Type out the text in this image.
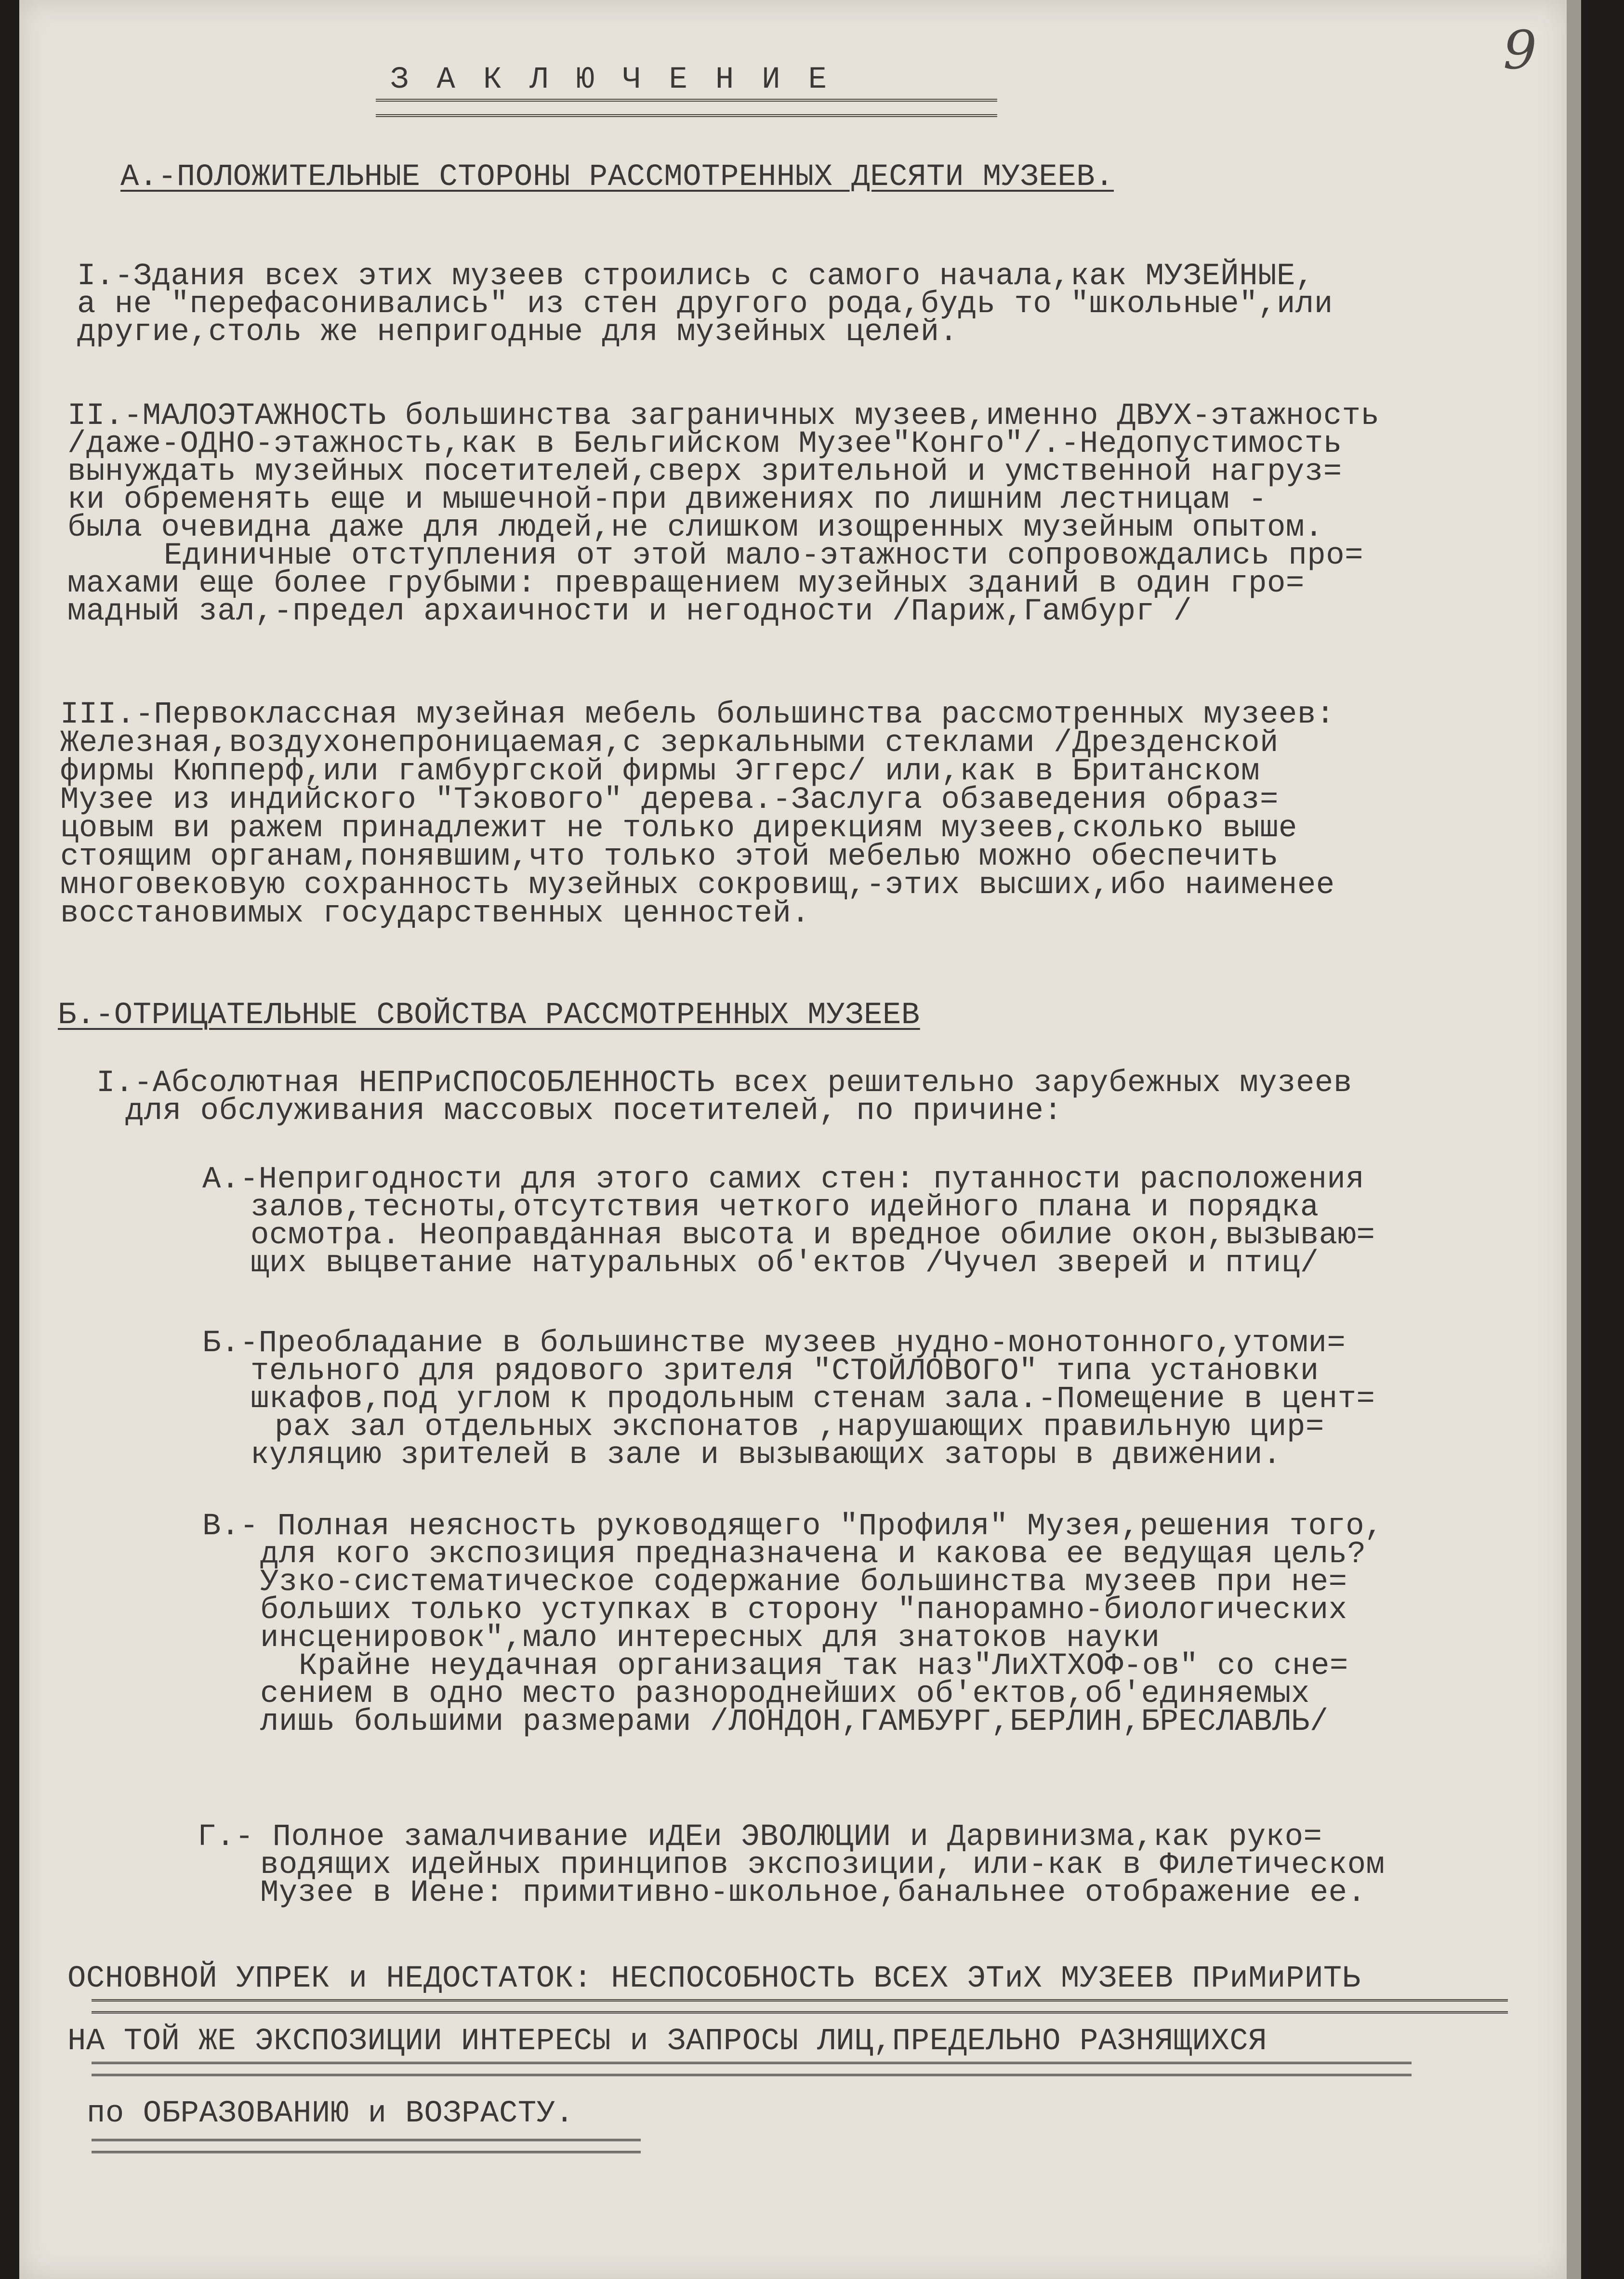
9
ЗАКЛЮЧЕНИЕ
А.-ПОЛОЖИТЕЛЬНЫЕ СТОРОНЫ РАССМОТРЕННЫХ ДЕСЯТИ МУЗЕЕВ.
I.-Здания всех этих музеев строились с самого начала,как МУЗЕЙНЫЕ,
а не "перефасонивались" из стен другого рода,будь то "школьные",или
другие,столь же непригодные для музейных целей.
II.-МАЛОЭТАЖНОСТЬ большинства заграничных музеев,именно ДВУХ-этажность
/даже-ОДНО-этажность,как в Бельгийском Музее"Конго"/.-Недопустимость
вынуждать музейных посетителей,сверх зрительной и умственной нагруз=
ки обременять еще и мышечной-при движениях по лишним лестницам -
была очевидна даже для людей,не слишком изощренных музейным опытом.
Единичные отступления от этой мало-этажности сопровождались про=
махами еще более грубыми: превращением музейных зданий в один гро=
мадный зал,-предел архаичности и негодности /Париж,Гамбург /
III.-Первоклассная музейная мебель большинства рассмотренных музеев:
Железная,воздухонепроницаемая,с зеркальными стеклами /Дрезденской
фирмы Кюпперф,или гамбургской фирмы Эггерс/ или,как в Британском
Музее из индийского "Тэкового" дерева.-Заслуга обзаведения образ=
цовым ви ражем принадлежит не только дирекциям музеев,сколько выше
стоящим органам,понявшим,что только этой мебелью можно обеспечить
многовековую сохранность музейных сокровищ,-этих высших,ибо наименее
восстановимых государственных ценностей.
Б.-ОТРИЦАТЕЛЬНЫЕ СВОЙСТВА РАССМОТРЕННЫХ МУЗЕЕВ
I.-Абсолютная НЕПРиСПОСОБЛЕННОСТЬ всех решительно зарубежных музеев
для обслуживания массовых посетителей, по причине:
А.-Непригодности для этого самих стен: путанности расположения
залов,тесноты,отсутствия четкого идейного плана и порядка
осмотра. Неоправданная высота и вредное обилие окон,вызываю=
щих выцветание натуральных об'ектов /Чучел зверей и птиц/
Б.-Преобладание в большинстве музеев нудно-монотонного,утоми=
тельного для рядового зрителя "СТОЙЛОВОГО" типа установки
шкафов,под углом к продольным стенам зала.-Помещение в цент=
рах зал отдельных экспонатов ,нарушающих правильную цир=
куляцию зрителей в зале и вызывающих заторы в движении.
В.- Полная неясность руководящего "Профиля" Музея,решения того,
для кого экспозиция предназначена и какова ее ведущая цель?
Узко-систематическое содержание большинства музеев при не=
больших только уступках в сторону "панорамно-биологических
инсценировок",мало интересных для знатоков науки
Крайне неудачная организация так наз"ЛиХТХОФ-ов" со сне=
сением в одно место разнороднейших об'ектов,об'единяемых
лишь большими размерами /ЛОНДОН,ГАМБУРГ,БЕРЛИН,БРЕСЛАВЛЬ/
Г.- Полное замалчивание иДЕи ЭВОЛЮЦИИ и Дарвинизма,как руко=
водящих идейных принципов экспозиции, или-как в Филетическом
Музее в Иене: примитивно-школьное,банальнее отображение ее.
ОСНОВНОЙ УПРЕК и НЕДОСТАТОК: НЕСПОСОБНОСТЬ ВСЕХ ЭТиХ МУЗЕЕВ ПРиМиРИТЬ
НА ТОЙ ЖЕ ЭКСПОЗИЦИИ ИНТЕРЕСЫ и ЗАПРОСЫ ЛИЦ,ПРЕДЕЛЬНО РАЗНЯЩИХСЯ
по ОБРАЗОВАНИЮ и ВОЗРАСТУ.
